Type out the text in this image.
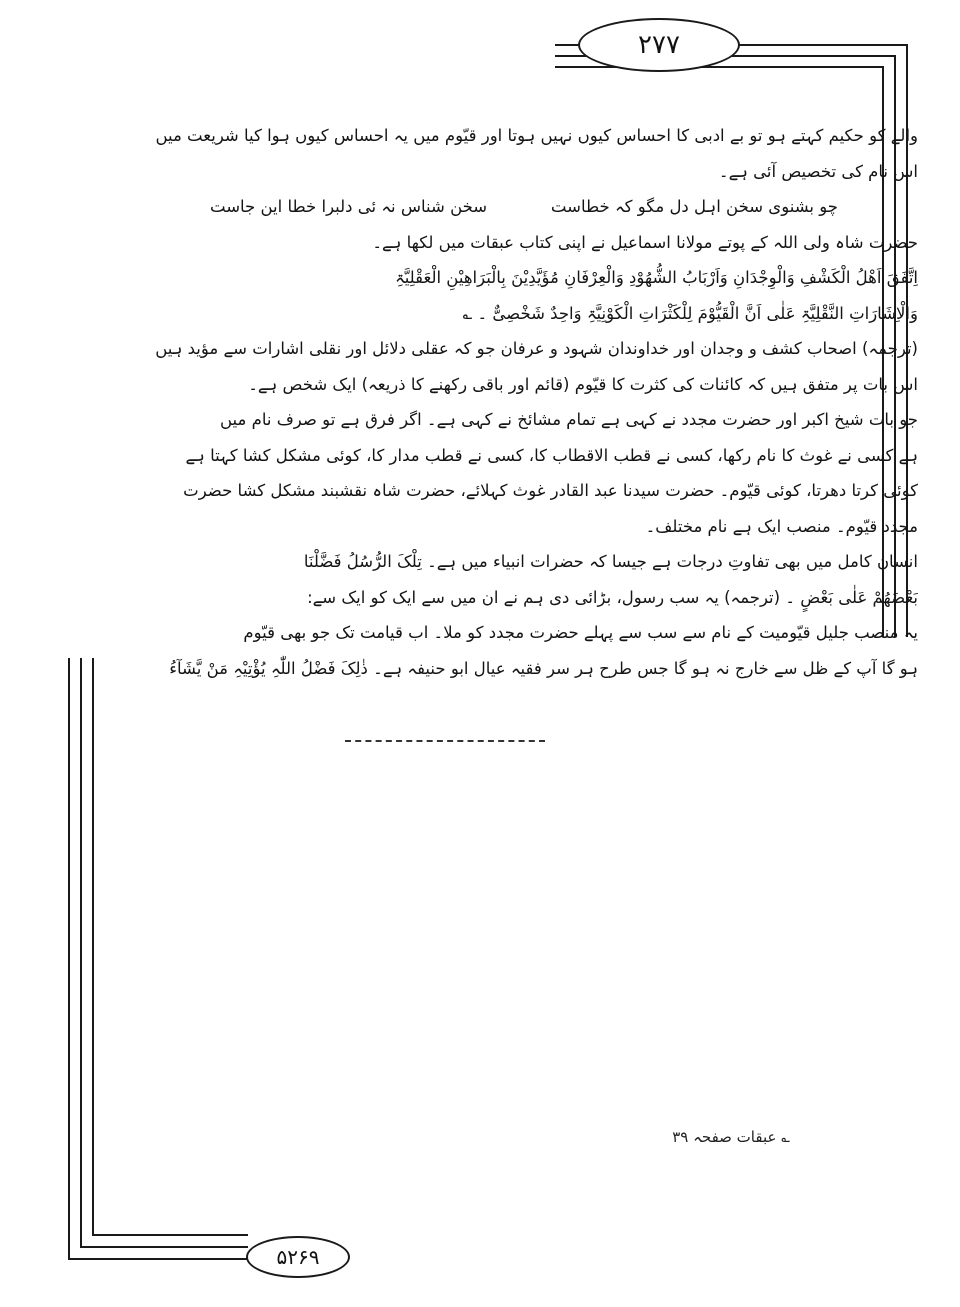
۲۷۷
والے کو حکیم کہتے ہو تو بے ادبی کا احساس کیوں نہیں ہوتا اور قیّوم میں یہ احساس کیوں ہوا کیا شریعت میں
اس نام کی تخصیص آئی ہے۔
چو بشنوی سخن اہل دل مگو کہ خطاست
سخن شناس نہ ئی دلبرا خطا این جاست
حضرت شاہ ولی اللہ کے پوتے مولانا اسماعیل نے اپنی کتاب عبقات میں لکھا ہے۔
اِتَّفَقَ اَھْلُ الْکَشْفِ وَالْوِجْدَانِ وَاَرْبَابُ الشُّھُوْدِ وَالْعِرْفَانِ مُؤَیَّدِیْنَ بِالْبَرَاھِیْنِ الْعَقْلِیَّۃِ
وَالْاِشَارَاتِ النَّقْلِیَّۃِ عَلٰی اَنَّ الْقَیُّوْمَ لِلْکَثْرَاتِ الْکَوْنِیَّۃِ وَاحِدٌ شَخْصِیٌّ ۔ ؎
(ترجمہ) اصحاب کشف و وجدان اور خداوندان شہود و عرفان جو کہ عقلی دلائل اور نقلی اشارات سے مؤید ہیں
اس بات پر متفق ہیں کہ کائنات کی کثرت کا قیّوم (قائم اور باقی رکھنے کا ذریعہ) ایک شخص ہے۔
جو بات شیخ اکبر اور حضرت مجدد نے کہی ہے تمام مشائخ نے کہی ہے۔ اگر فرق ہے تو صرف نام میں
ہے کسی نے غوث کا نام رکھا، کسی نے قطب الاقطاب کا، کسی نے قطب مدار کا، کوئی مشکل کشا کہتا ہے
کوئی کرتا دھرتا، کوئی قیّوم۔ حضرت سیدنا عبد القادر غوث کہلائے، حضرت شاہ نقشبند مشکل کشا حضرت
مجدد قیّوم۔ منصب ایک ہے نام مختلف۔
انسان کامل میں بھی تفاوتِ درجات ہے جیسا کہ حضرات انبیاء میں ہے۔ تِلْکَ الرُّسُلُ فَضَّلْنَا
بَعْضَھُمْ عَلٰی بَعْضٍ ۔ (ترجمہ) یہ سب رسول، بڑائی دی ہم نے ان میں سے ایک کو ایک سے:
یہ منصب جلیل قیّومیت کے نام سے سب سے پہلے حضرت مجدد کو ملا۔ اب قیامت تک جو بھی قیّوم
ہو گا آپ کے ظل سے خارج نہ ہو گا جس طرح ہر سر فقیہ عیال ابو حنیفہ ہے۔ ذٰلِکَ فَضْلُ اللّٰہِ یُؤْتِیْہِ مَنْ یَّشَآءُ
؎ عبقات صفحہ ۳۹
۵۲۶۹
